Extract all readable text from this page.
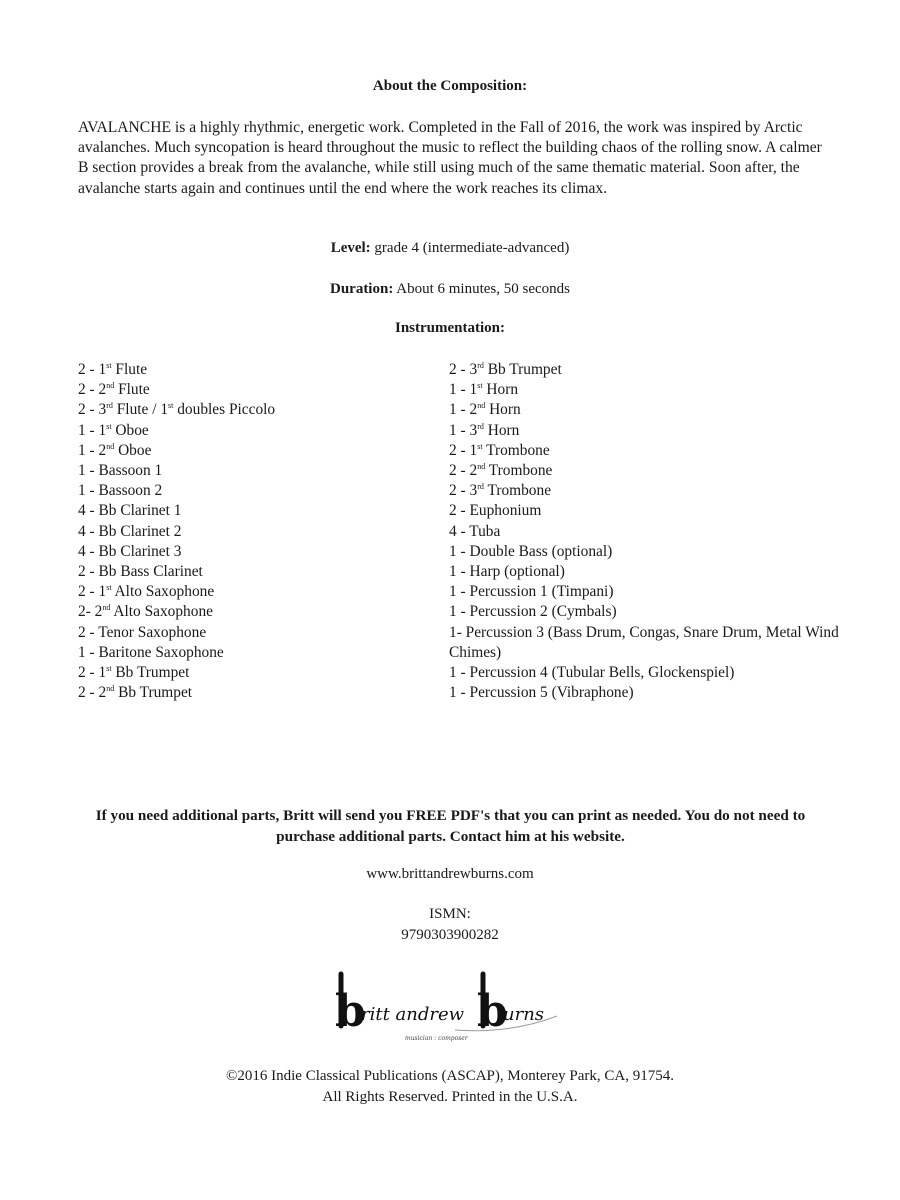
About the Composition:

AVALANCHE is a highly rhythmic, energetic work. Completed in the Fall of 2016, the work was inspired by Arctic avalanches. Much syncopation is heard throughout the music to reflect the building chaos of the rolling snow. A calmer B section provides a break from the avalanche, while still using much of the same thematic material. Soon after, the avalanche starts again and continues until the end where the work reaches its climax.

Level: grade 4 (intermediate-advanced)
Duration: About 6 minutes, 50 seconds
Instrumentation:
2 - 1st Flute
2 - 2nd Flute
2 - 3rd Flute / 1st doubles Piccolo
1 - 1st Oboe
1 - 2nd Oboe
1 - Bassoon 1
1 - Bassoon 2
4 - Bb Clarinet 1
4 - Bb Clarinet 2
4 - Bb Clarinet 3
2 - Bb Bass Clarinet
2 - 1st Alto Saxophone
2- 2nd Alto Saxophone
2 - Tenor Saxophone
1 - Baritone Saxophone
2 - 1st Bb Trumpet
2 - 2nd Bb Trumpet
2 - 3rd Bb Trumpet
1 - 1st Horn
1 - 2nd Horn
1 - 3rd Horn
2 - 1st Trombone
2 - 2nd Trombone
2 - 3rd Trombone
2 - Euphonium
4 - Tuba
1 - Double Bass (optional)
1 - Harp (optional)
1 - Percussion 1 (Timpani)
1 - Percussion 2 (Cymbals)
1- Percussion 3 (Bass Drum, Congas, Snare Drum, Metal Wind Chimes)
1 - Percussion 4 (Tubular Bells, Glockenspiel)
1 - Percussion 5 (Vibraphone)
If you need additional parts, Britt will send you FREE PDF's that you can print as needed. You do not need to purchase additional parts. Contact him at his website.
www.brittandrewburns.com
ISMN:
9790303900282
b
ritt andrew b
urns
musician : composer
©2016 Indie Classical Publications (ASCAP), Monterey Park, CA, 91754.
All Rights Reserved. Printed in the U.S.A.
